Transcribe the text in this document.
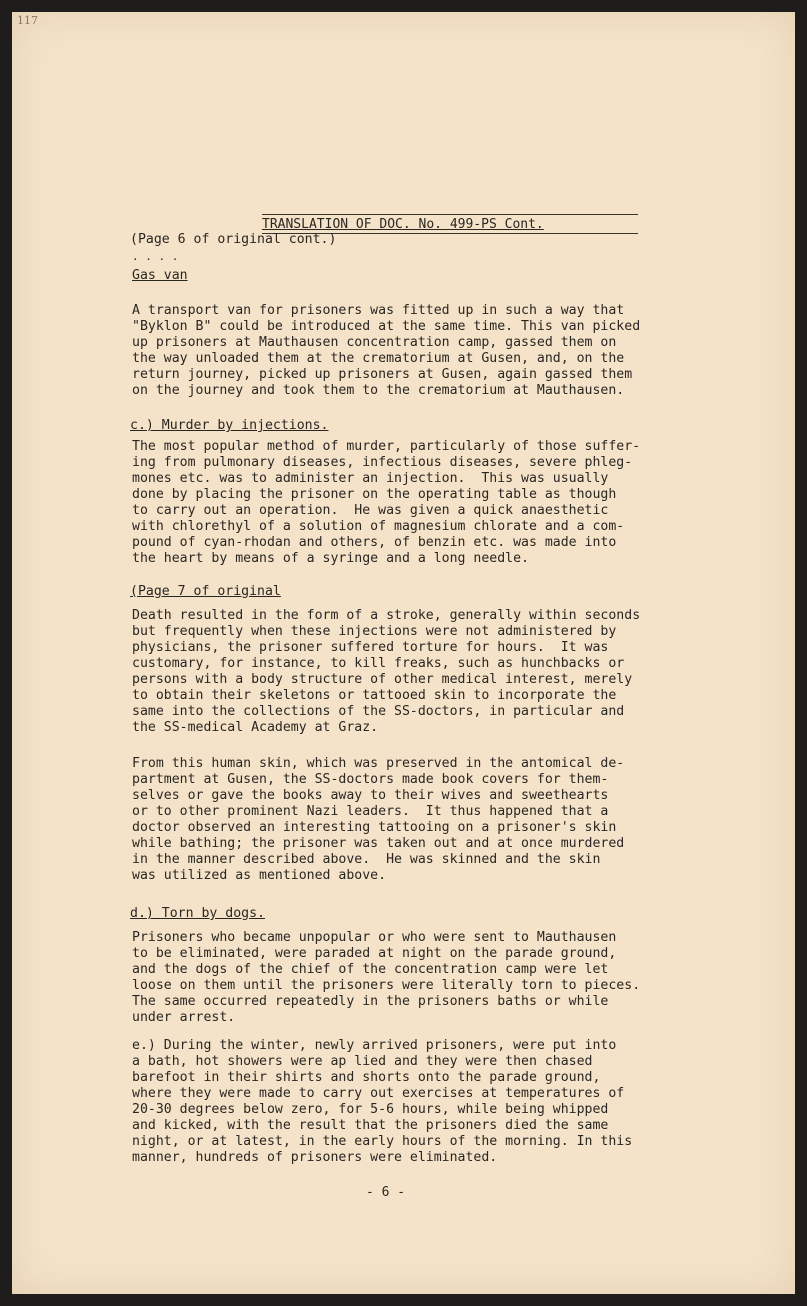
117
TRANSLATION OF DOC. No. 499-PS Cont.
(Page 6 of original cont.)
. . . .
Gas van
A transport van for prisoners was fitted up in such a way that
"Byklon B" could be introduced at the same time. This van picked
up prisoners at Mauthausen concentration camp, gassed them on
the way unloaded them at the crematorium at Gusen, and, on the
return journey, picked up prisoners at Gusen, again gassed them
on the journey and took them to the crematorium at Mauthausen.
c.) Murder by injections.
The most popular method of murder, particularly of those suffer-
ing from pulmonary diseases, infectious diseases, severe phleg-
mones etc. was to administer an injection.  This was usually
done by placing the prisoner on the operating table as though
to carry out an operation.  He was given a quick anaesthetic
with chlorethyl of a solution of magnesium chlorate and a com-
pound of cyan-rhodan and others, of benzin etc. was made into
the heart by means of a syringe and a long needle.
(Page 7 of original
Death resulted in the form of a stroke, generally within seconds
but frequently when these injections were not administered by
physicians, the prisoner suffered torture for hours.  It was
customary, for instance, to kill freaks, such as hunchbacks or
persons with a body structure of other medical interest, merely
to obtain their skeletons or tattooed skin to incorporate the
same into the collections of the SS-doctors, in particular and
the SS-medical Academy at Graz.
From this human skin, which was preserved in the antomical de-
partment at Gusen, the SS-doctors made book covers for them-
selves or gave the books away to their wives and sweethearts
or to other prominent Nazi leaders.  It thus happened that a
doctor observed an interesting tattooing on a prisoner's skin
while bathing; the prisoner was taken out and at once murdered
in the manner described above.  He was skinned and the skin
was utilized as mentioned above.
d.) Torn by dogs.
Prisoners who became unpopular or who were sent to Mauthausen
to be eliminated, were paraded at night on the parade ground,
and the dogs of the chief of the concentration camp were let
loose on them until the prisoners were literally torn to pieces.
The same occurred repeatedly in the prisoners baths or while
under arrest.
e.) During the winter, newly arrived prisoners, were put into
a bath, hot showers were ap lied and they were then chased
barefoot in their shirts and shorts onto the parade ground,
where they were made to carry out exercises at temperatures of
20-30 degrees below zero, for 5-6 hours, while being whipped
and kicked, with the result that the prisoners died the same
night, or at latest, in the early hours of the morning. In this
manner, hundreds of prisoners were eliminated.
- 6 -
